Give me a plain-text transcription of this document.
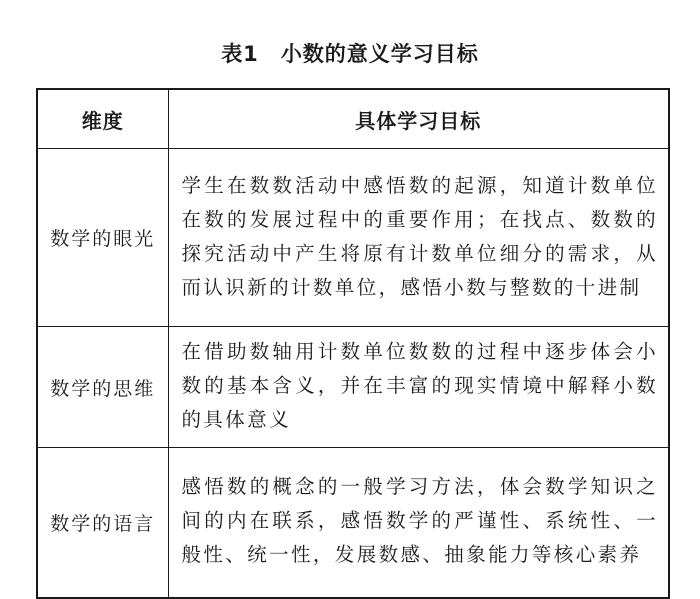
表1 小数的意义学习目标
维度	具体学习目标
数学的眼光	学生在数数活动中感悟数的起源，知道计数单位在数的发展过程中的重要作用；在找点、数数的探究活动中产生将原有计数单位细分的需求，从而认识新的计数单位，感悟小数与整数的十进制
数学的思维	在借助数轴用计数单位数数的过程中逐步体会小数的基本含义，并在丰富的现实情境中解释小数的具体意义
数学的语言	感悟数的概念的一般学习方法，体会数学知识之间的内在联系，感悟数学的严谨性、系统性、一般性、统一性，发展数感、抽象能力等核心素养
